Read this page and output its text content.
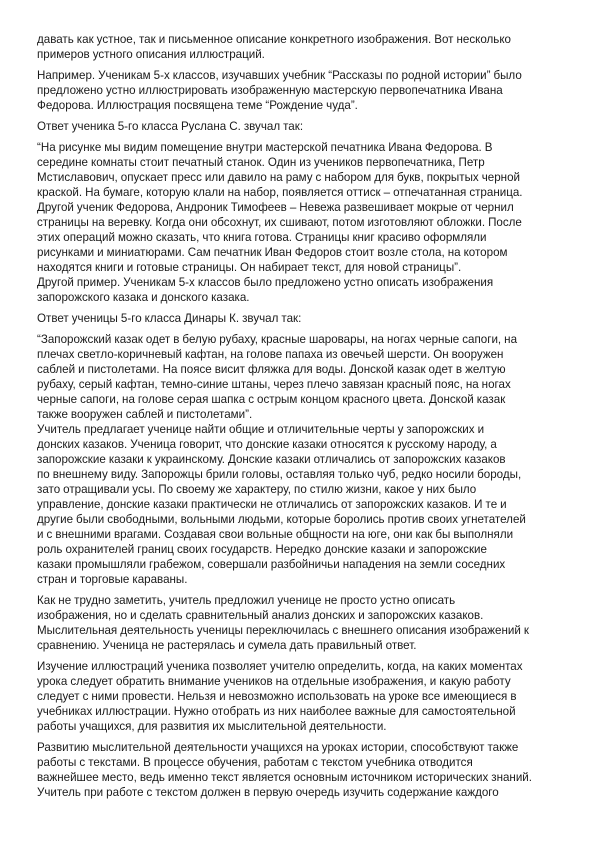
давать как устное, так и письменное описание конкретного изображения. Вот несколько
примеров устного описания иллюстраций.

Например. Ученикам 5-х классов, изучавших учебник “Рассказы по родной истории” было
предложено устно иллюстрировать изображенную мастерскую первопечатника Ивана
Федорова. Иллюстрация посвящена теме “Рождение чуда”.

Ответ ученика 5-го класса Руслана С. звучал так:

“На рисунке мы видим помещение внутри мастерской печатника Ивана Федорова. В
середине комнаты стоит печатный станок. Один из учеников первопечатника, Петр
Мстиславович, опускает пресс или давило на раму с набором для букв, покрытых черной
краской. На бумаге, которую клали на набор, появляется оттиск – отпечатанная страница.
Другой ученик Федорова, Андроник Тимофеев – Невежа развешивает мокрые от чернил
страницы на веревку. Когда они обсохнут, их сшивают, потом изготовляют обложки. После
этих операций можно сказать, что книга готова. Страницы книг красиво оформляли
рисунками и миниатюрами. Сам печатник Иван Федоров стоит возле стола, на котором
находятся книги и готовые страницы. Он набирает текст, для новой страницы”.
Другой пример. Ученикам 5-х классов было предложено устно описать изображения
запорожского казака и донского казака.

Ответ ученицы 5-го класса Динары К. звучал так:

“Запорожский казак одет в белую рубаху, красные шаровары, на ногах черные сапоги, на
плечах светло-коричневый кафтан, на голове папаха из овечьей шерсти. Он вооружен
саблей и пистолетами. На поясе висит фляжка для воды. Донской казак одет в желтую
рубаху, серый кафтан, темно-синие штаны, через плечо завязан красный пояс, на ногах
черные сапоги, на голове серая шапка с острым концом красного цвета. Донской казак
также вооружен саблей и пистолетами”.
Учитель предлагает ученице найти общие и отличительные черты у запорожских и
донских казаков. Ученица говорит, что донские казаки относятся к русскому народу, а
запорожские казаки к украинскому. Донские казаки отличались от запорожских казаков
по внешнему виду. Запорожцы брили головы, оставляя только чуб, редко носили бороды,
зато отращивали усы. По своему же характеру, по стилю жизни, какое у них было
управление, донские казаки практически не отличались от запорожских казаков. И те и
другие были свободными, вольными людьми, которые боролись против своих угнетателей
и с внешними врагами. Создавая свои вольные общности на юге, они как бы выполняли
роль охранителей границ своих государств. Нередко донские казаки и запорожские
казаки промышляли грабежом, совершали разбойничьи нападения на земли соседних
стран и торговые караваны.

Как не трудно заметить, учитель предложил ученице не просто устно описать
изображения, но и сделать сравнительный анализ донских и запорожских казаков.
Мыслительная деятельность ученицы переключилась с внешнего описания изображений к
сравнению. Ученица не растерялась и сумела дать правильный ответ.

Изучение иллюстраций ученика позволяет учителю определить, когда, на каких моментах
урока следует обратить внимание учеников на отдельные изображения, и какую работу
следует с ними провести. Нельзя и невозможно использовать на уроке все имеющиеся в
учебниках иллюстрации. Нужно отобрать из них наиболее важные для самостоятельной
работы учащихся, для развития их мыслительной деятельности.

Развитию мыслительной деятельности учащихся на уроках истории, способствуют также
работы с текстами. В процессе обучения, работам с текстом учебника отводится
важнейшее место, ведь именно текст является основным источником исторических знаний.
Учитель при работе с текстом должен в первую очередь изучить содержание каждого
